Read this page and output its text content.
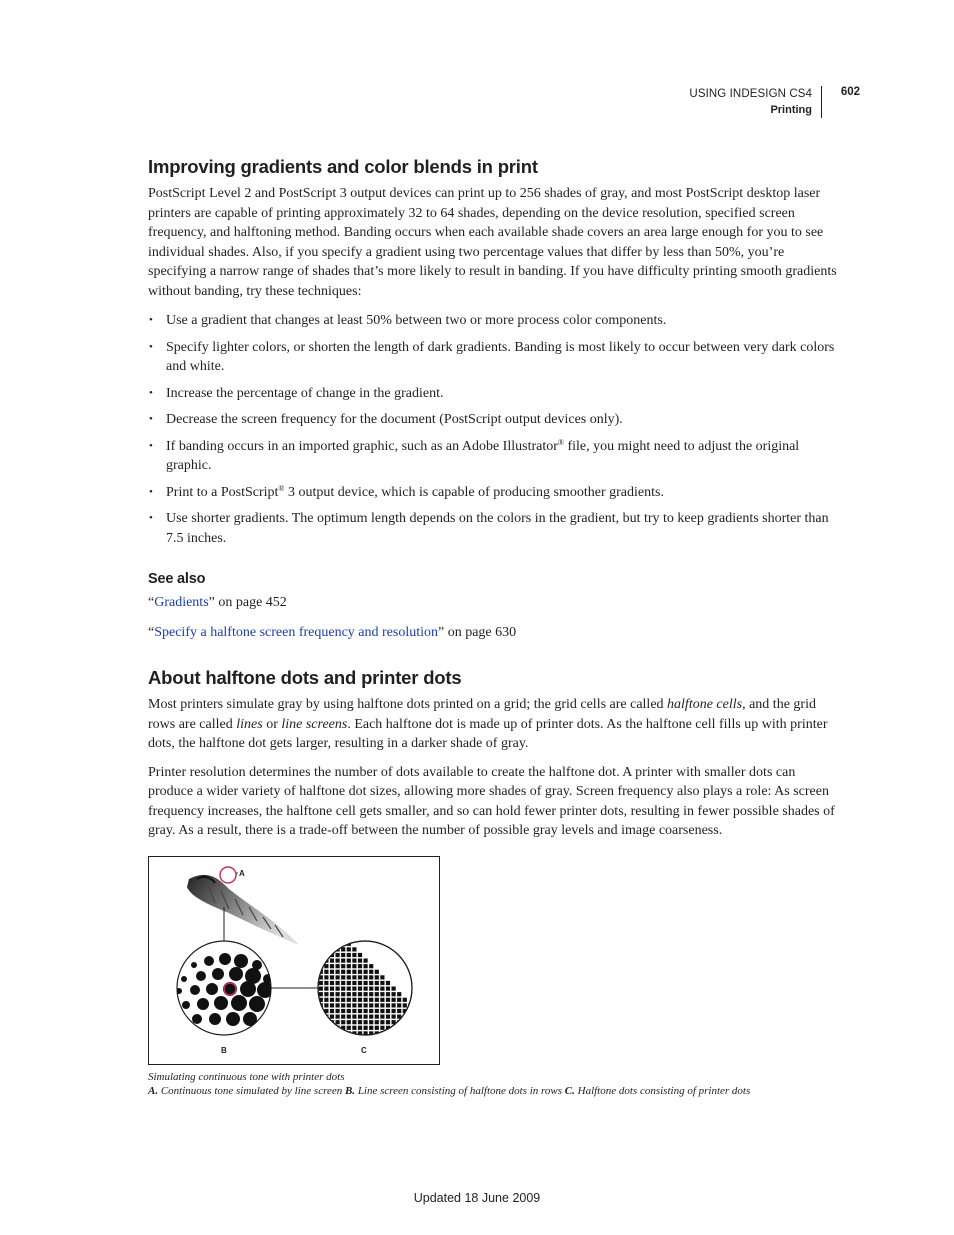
USING INDESIGN CS4
Printing
602
Improving gradients and color blends in print

PostScript Level 2 and PostScript 3 output devices can print up to 256 shades of gray, and most PostScript desktop laser printers are capable of printing approximately 32 to 64 shades, depending on the device resolution, specified screen frequency, and halftoning method. Banding occurs when each available shade covers an area large enough for you to see individual shades. Also, if you specify a gradient using two percentage values that differ by less than 50%, you’re specifying a narrow range of shades that’s more likely to result in banding. If you have difficulty printing smooth gradients without banding, try these techniques:

• Use a gradient that changes at least 50% between two or more process color components.
• Specify lighter colors, or shorten the length of dark gradients. Banding is most likely to occur between very dark colors and white.
• Increase the percentage of change in the gradient.
• Decrease the screen frequency for the document (PostScript output devices only).
• If banding occurs in an imported graphic, such as an Adobe Illustrator® file, you might need to adjust the original graphic.
• Print to a PostScript® 3 output device, which is capable of producing smoother gradients.
• Use shorter gradients. The optimum length depends on the colors in the gradient, but try to keep gradients shorter than 7.5 inches.
See also
“Gradients” on page 452
“Specify a halftone screen frequency and resolution” on page 630
About halftone dots and printer dots

Most printers simulate gray by using halftone dots printed on a grid; the grid cells are called halftone cells, and the grid rows are called lines or line screens. Each halftone dot is made up of printer dots. As the halftone cell fills up with printer dots, the halftone dot gets larger, resulting in a darker shade of gray.

Printer resolution determines the number of dots available to create the halftone dot. A printer with smaller dots can produce a wider variety of halftone dot sizes, allowing more shades of gray. Screen frequency also plays a role: As screen frequency increases, the halftone cell gets smaller, and so can hold fewer printer dots, resulting in fewer possible shades of gray. As a result, there is a trade-off between the number of possible gray levels and image coarseness.

A
B	C
Simulating continuous tone with printer dots
A. Continuous tone simulated by line screen B. Line screen consisting of halftone dots in rows C. Halftone dots consisting of printer dots
Updated 18 June 2009
